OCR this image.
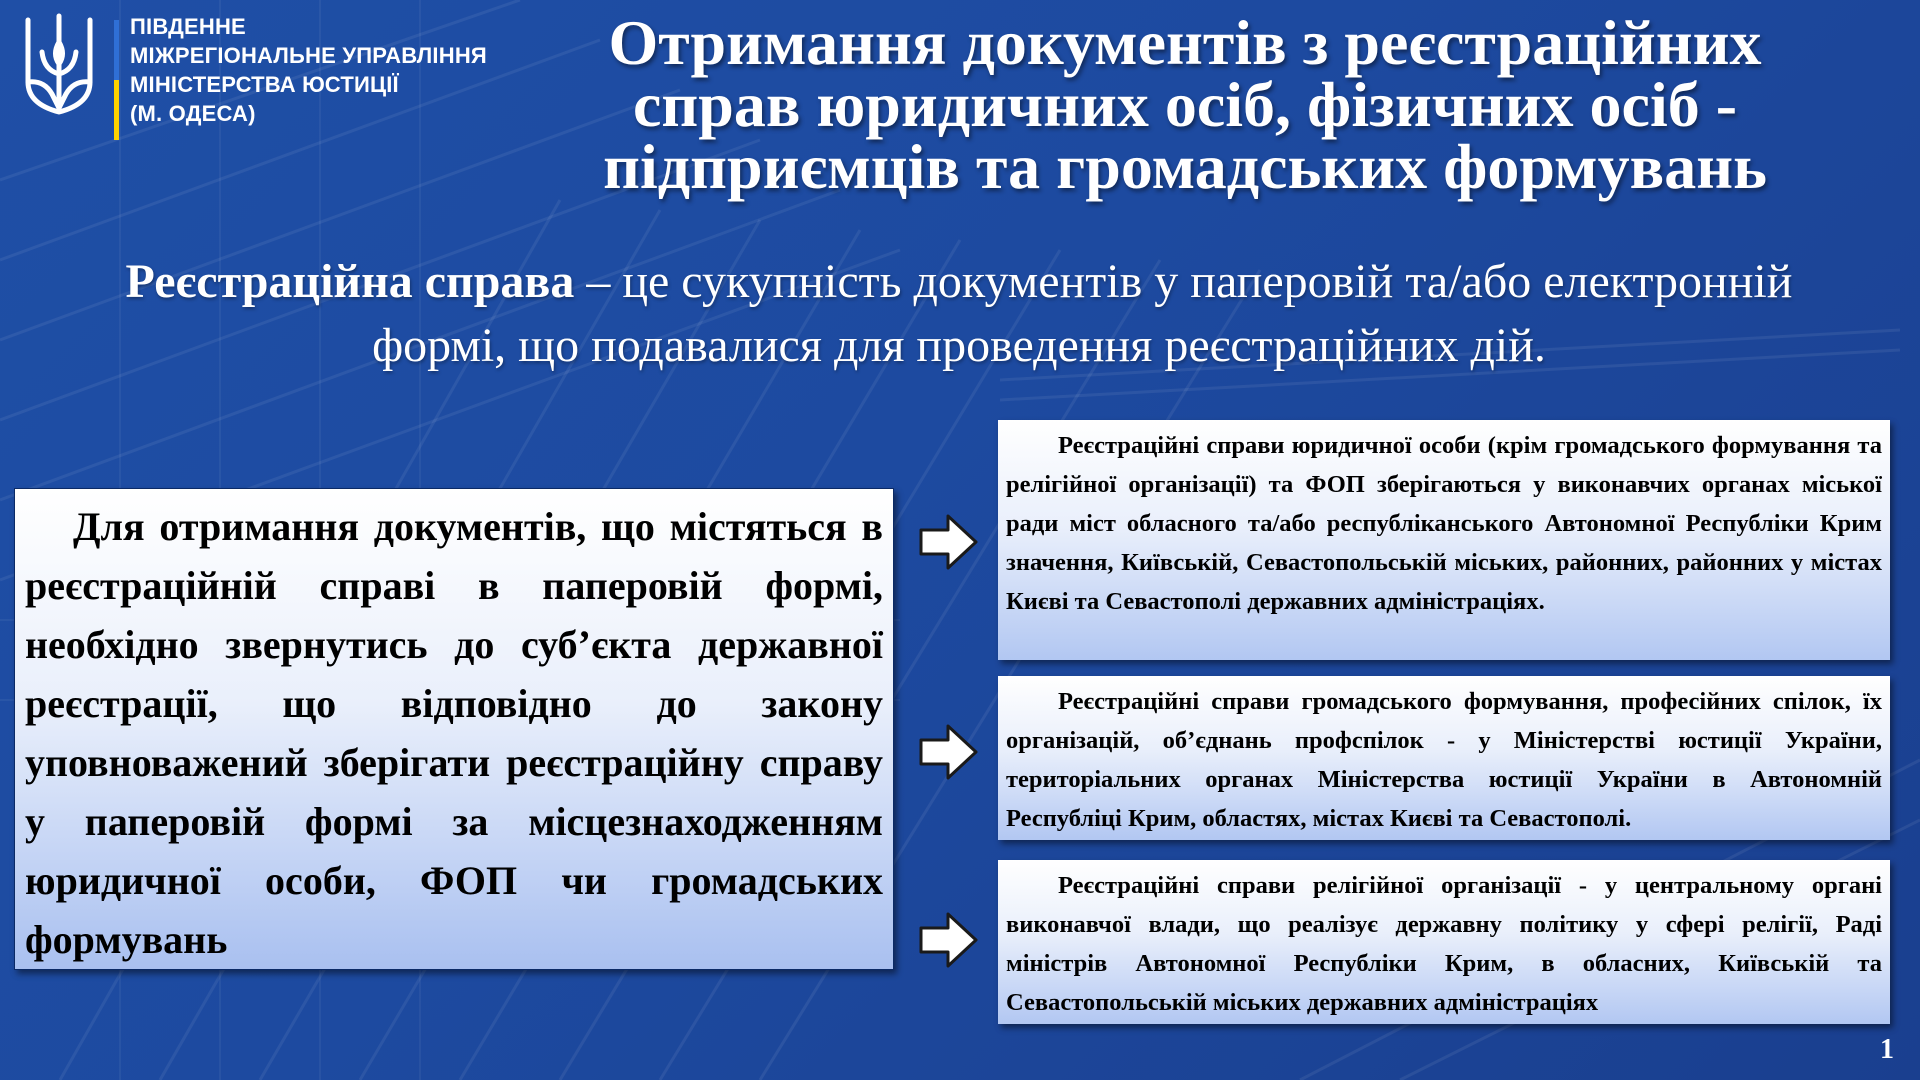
ПІВДЕННЕ
МІЖРЕГІОНАЛЬНЕ УПРАВЛІННЯ
МІНІСТЕРСТВА ЮСТИЦІЇ
(М. ОДЕСА)
Отримання документів з реєстраційних
справ юридичних осіб, фізичних осіб -
підприємців та громадських формувань
Реєстраційна справа – це сукупність документів у паперовій та/або електронній
формі, що подавалися для проведення реєстраційних дій.
Для отримання документів, що містяться в реєстраційній справі в паперовій формі, необхідно звернутись до суб’єкта державної реєстрації, що відповідно до закону уповноважений зберігати реєстраційну справу у паперовій формі за місцезнаходженням юридичної особи, ФОП чи громадських формувань
Реєстраційні справи юридичної особи (крім громадського формування та релігійної організації) та ФОП зберігаються у виконавчих органах міської ради міст обласного та/або республіканського Автономної Республіки Крим значення, Київській, Севастопольській міських, районних, районних у містах Києві та Севастополі державних адміністраціях.
Реєстраційні справи громадського формування, професійних спілок, їх організацій, об’єднань профспілок - у Міністерстві юстиції України, територіальних органах Міністерства юстиції України в Автономній Республіці Крим, областях, містах Києві та Севастополі.
Реєстраційні справи релігійної організації - у центральному органі виконавчої влади, що реалізує державну політику у сфері релігії, Раді міністрів Автономної Республіки Крим, в обласних, Київській та Севастопольській міських державних адміністраціях
1
